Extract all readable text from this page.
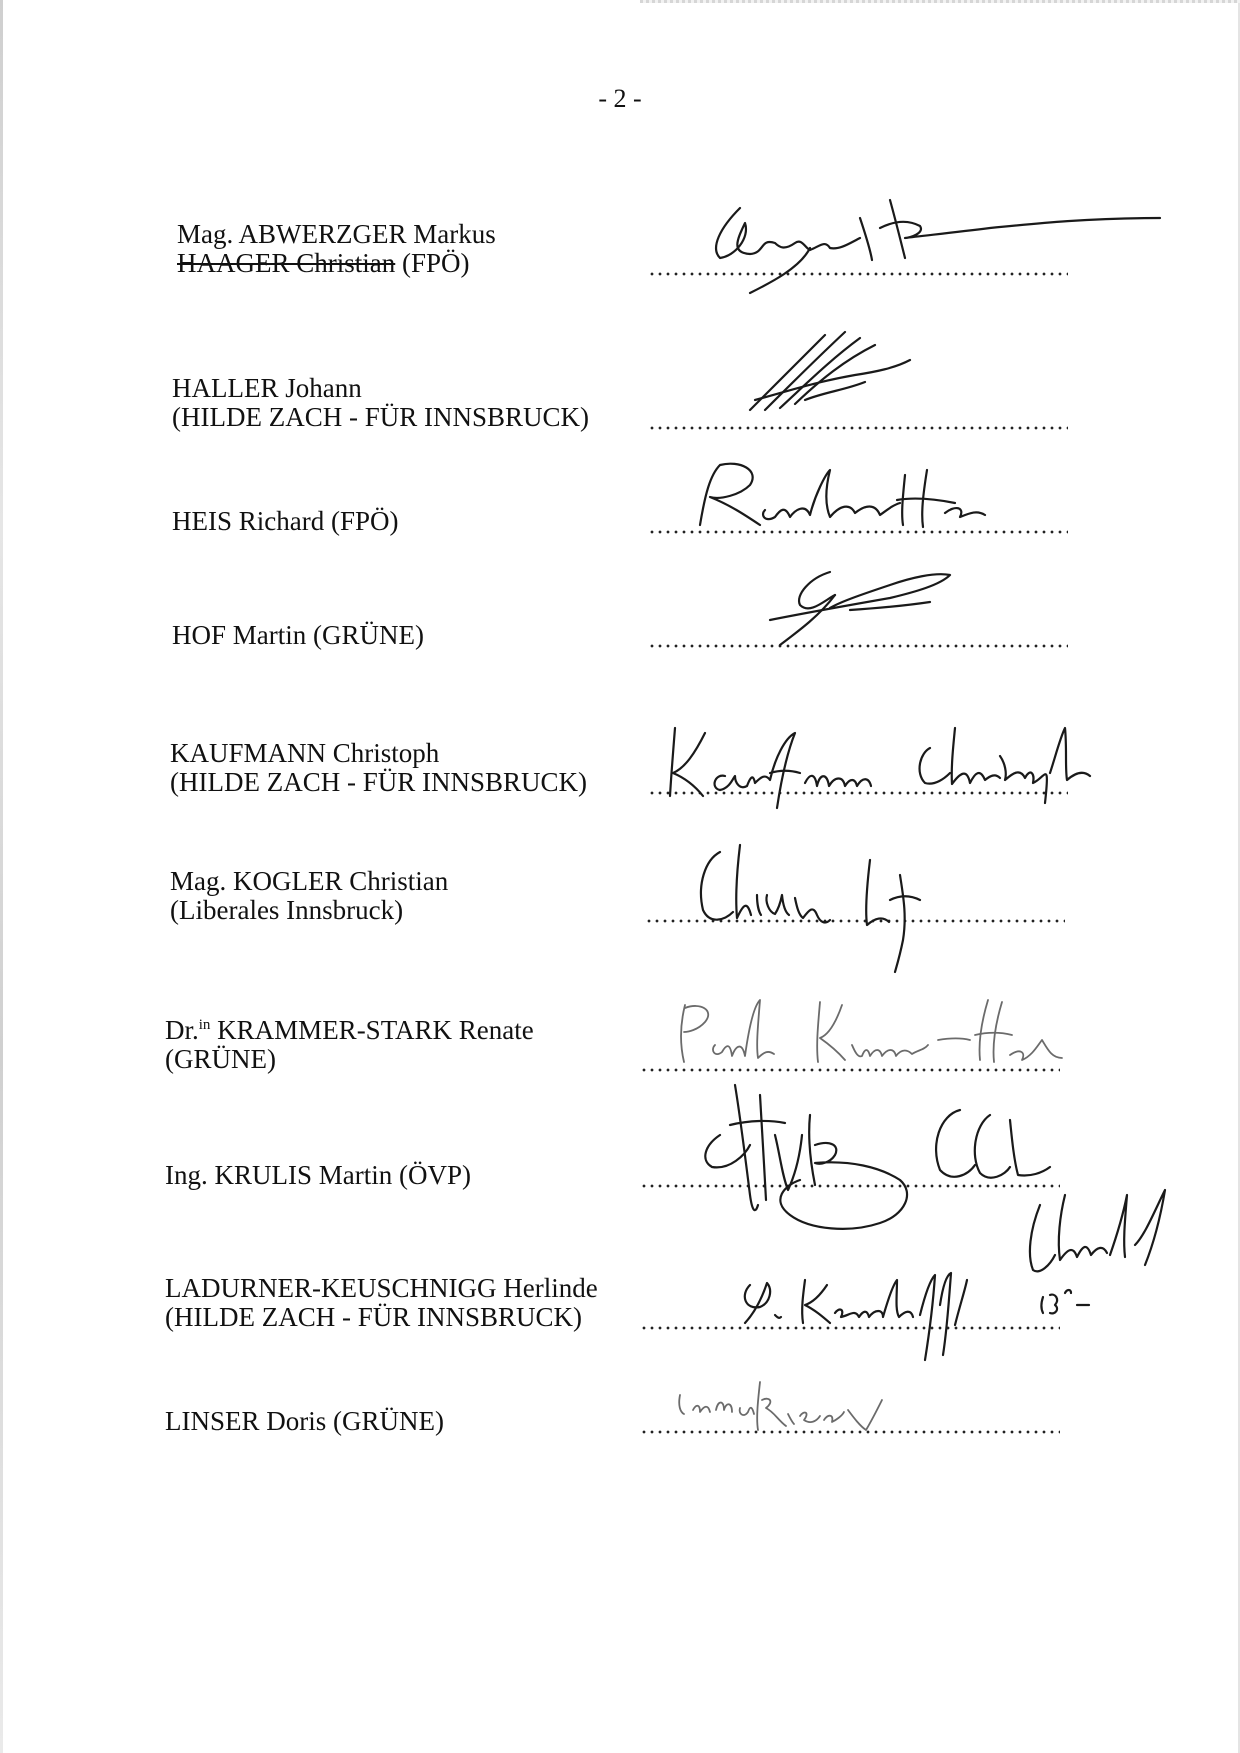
- 2 -
Mag. ABWERZGER Markus
HAAGER Christian (FPÖ)
HALLER Johann
(HILDE ZACH - FÜR INNSBRUCK)
HEIS Richard (FPÖ)
HOF Martin (GRÜNE)
KAUFMANN Christoph
(HILDE ZACH - FÜR INNSBRUCK)
Mag. KOGLER Christian
(Liberales Innsbruck)
Dr.$^{in}$ KRAMMER-STARK Renate
(GRÜNE)
Ing. KRULIS Martin (ÖVP)
LADURNER-KEUSCHNIGG Herlinde
(HILDE ZACH - FÜR INNSBRUCK)
LINSER Doris (GRÜNE)
